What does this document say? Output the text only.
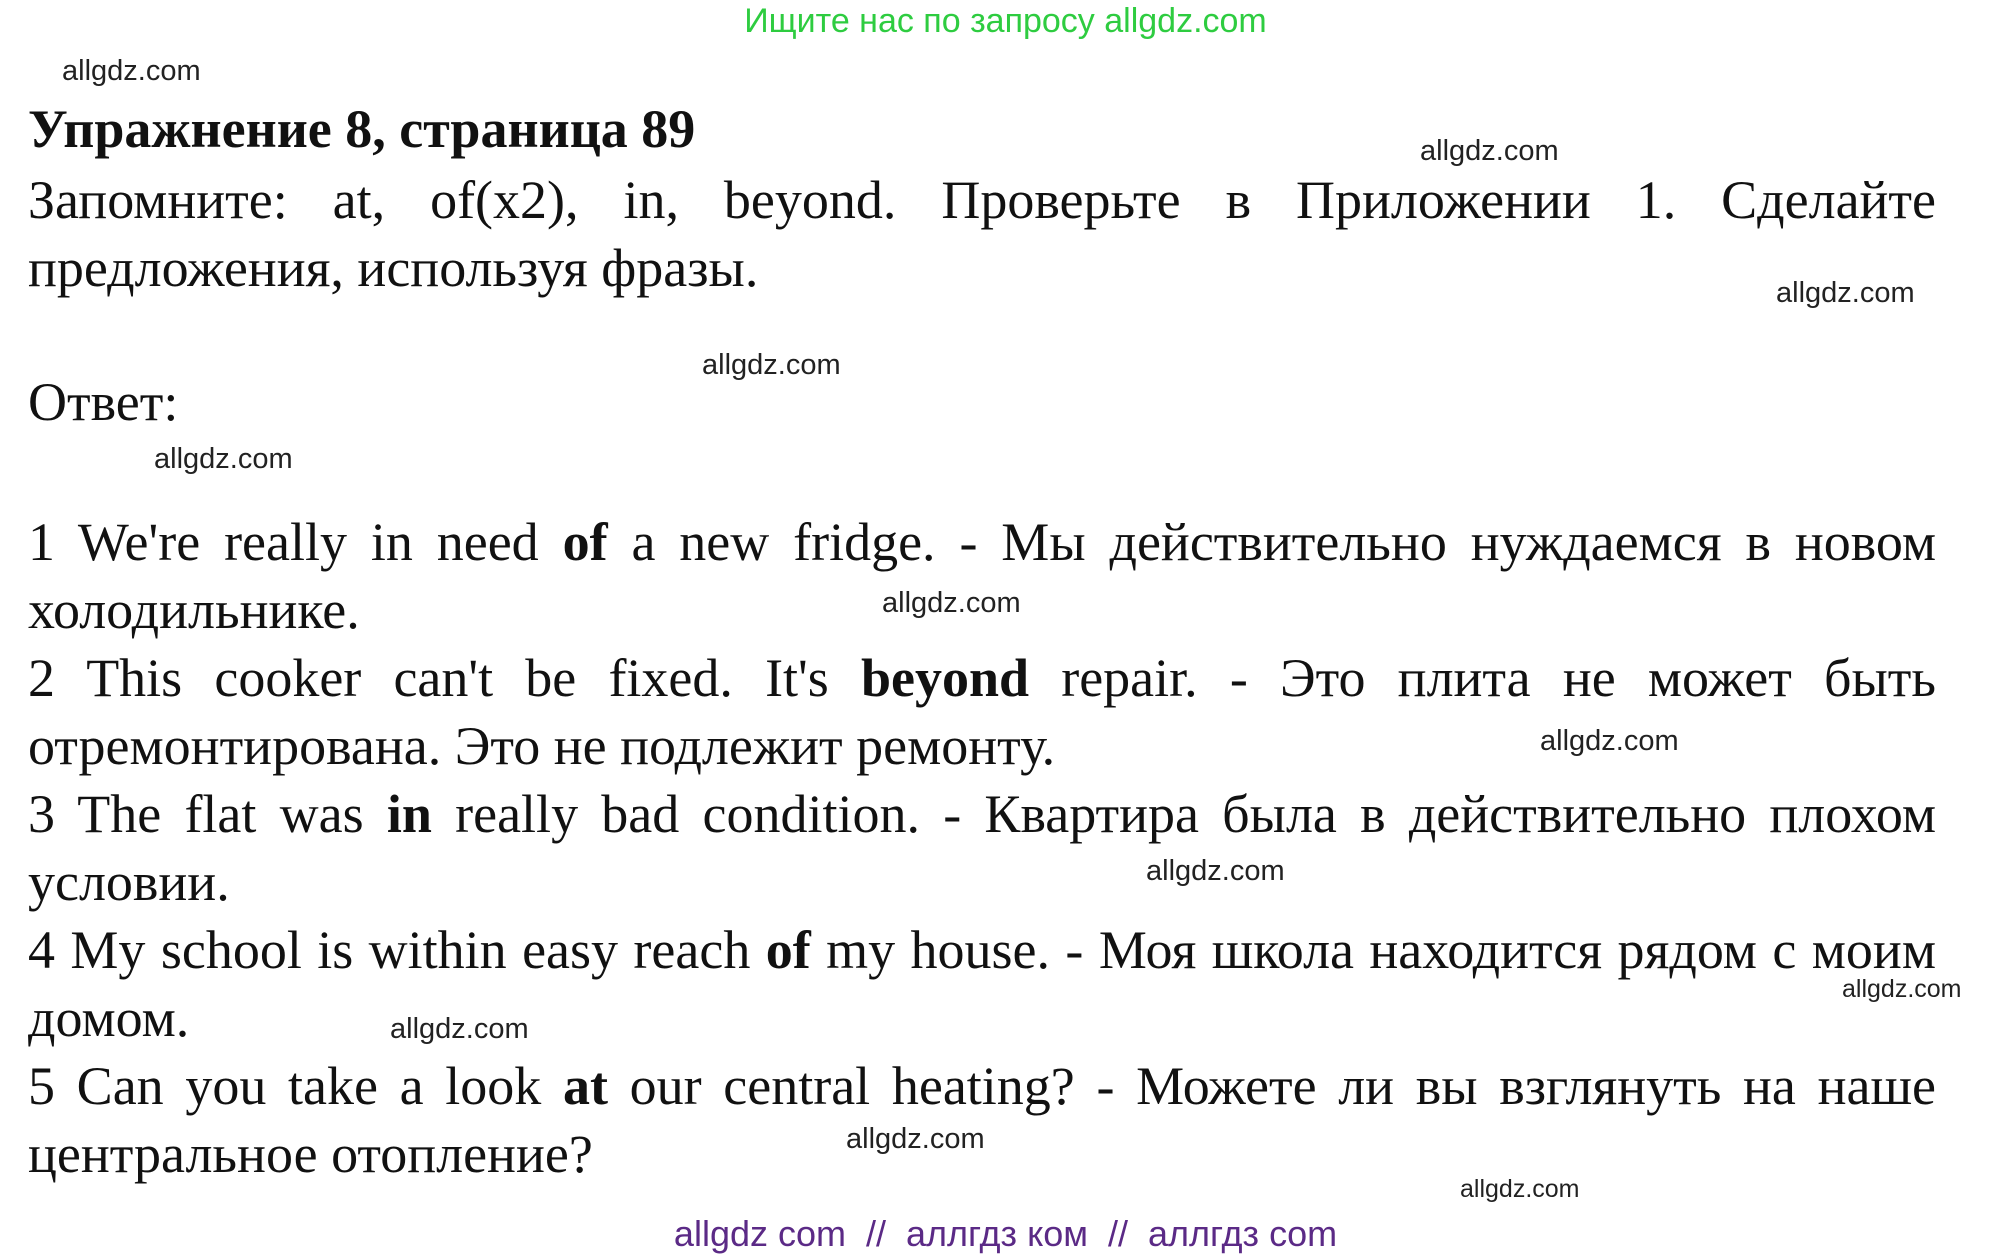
Ищите нас по запросу allgdz.com
allgdz.com
Упражнение 8, страница 89	allgdz.com
Запомните: at, of(x2), in, beyond. Проверьте в Приложении 1. Сделайте предложения, используя фразы.	allgdz.com
allgdz.com
Ответ:
allgdz.com

1 We're really in need of a new fridge. - Мы действительно нуждаемся в новом холодильнике.

2 This cooker can't be fixed. It's beyond repair. - Это плита не может быть отремонтирована. Это не подлежит ремонту.

3 The flat was in really bad condition. - Квартира была в действительно плохом условии.

4 My school is within easy reach of my house. - Моя школа находится рядом с моим домом.

5 Can you take a look at our central heating? - Можете ли вы взглянуть на наше центральное отопление?

allgdz.com
allgdz.com
allgdz.com
allgdz.com
allgdz.com
allgdz.com
allgdz.com
allgdz com  //  аллгдз ком  //  аллгдз com
